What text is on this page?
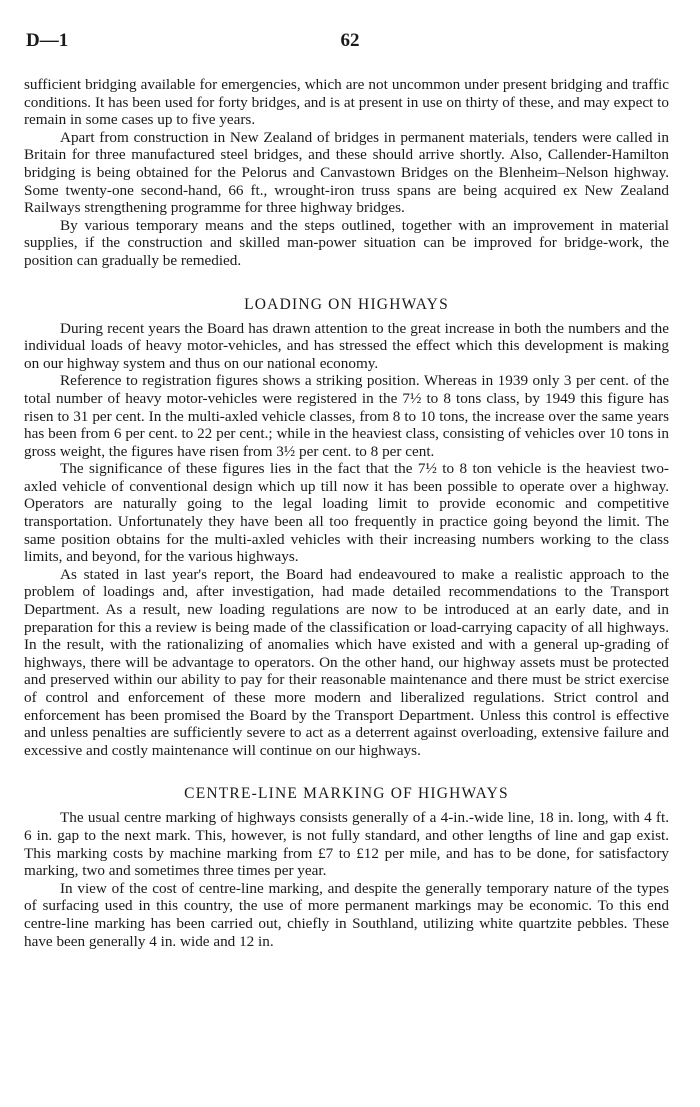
D—1	62

sufficient bridging available for emergencies, which are not uncommon under present bridging and traffic conditions. It has been used for forty bridges, and is at present in use on thirty of these, and may expect to remain in some cases up to five years.

Apart from construction in New Zealand of bridges in permanent materials, tenders were called in Britain for three manufactured steel bridges, and these should arrive shortly. Also, Callender-Hamilton bridging is being obtained for the Pelorus and Canvastown Bridges on the Blenheim–Nelson highway. Some twenty-one second-hand, 66 ft., wrought-iron truss spans are being acquired ex New Zealand Railways strengthening programme for three highway bridges.

By various temporary means and the steps outlined, together with an improvement in material supplies, if the construction and skilled man-power situation can be improved for bridge-work, the position can gradually be remedied.

LOADING ON HIGHWAYS

During recent years the Board has drawn attention to the great increase in both the numbers and the individual loads of heavy motor-vehicles, and has stressed the effect which this development is making on our highway system and thus on our national economy.

Reference to registration figures shows a striking position. Whereas in 1939 only 3 per cent. of the total number of heavy motor-vehicles were registered in the 7½ to 8 tons class, by 1949 this figure has risen to 31 per cent. In the multi-axled vehicle classes, from 8 to 10 tons, the increase over the same years has been from 6 per cent. to 22 per cent.; while in the heaviest class, consisting of vehicles over 10 tons in gross weight, the figures have risen from 3½ per cent. to 8 per cent.

The significance of these figures lies in the fact that the 7½ to 8 ton vehicle is the heaviest two-axled vehicle of conventional design which up till now it has been possible to operate over a highway. Operators are naturally going to the legal loading limit to provide economic and competitive transportation. Unfortunately they have been all too frequently in practice going beyond the limit. The same position obtains for the multi-axled vehicles with their increasing numbers working to the class limits, and beyond, for the various highways.

As stated in last year's report, the Board had endeavoured to make a realistic approach to the problem of loadings and, after investigation, had made detailed recommendations to the Transport Department. As a result, new loading regulations are now to be introduced at an early date, and in preparation for this a review is being made of the classification or load-carrying capacity of all highways. In the result, with the rationalizing of anomalies which have existed and with a general up-grading of highways, there will be advantage to operators. On the other hand, our highway assets must be protected and preserved within our ability to pay for their reasonable maintenance and there must be strict exercise of control and enforcement of these more modern and liberalized regulations. Strict control and enforcement has been promised the Board by the Transport Department. Unless this control is effective and unless penalties are sufficiently severe to act as a deterrent against overloading, extensive failure and excessive and costly maintenance will continue on our highways.

CENTRE-LINE MARKING OF HIGHWAYS

The usual centre marking of highways consists generally of a 4-in.-wide line, 18 in. long, with 4 ft. 6 in. gap to the next mark. This, however, is not fully standard, and other lengths of line and gap exist. This marking costs by machine marking from £7 to £12 per mile, and has to be done, for satisfactory marking, two and sometimes three times per year.

In view of the cost of centre-line marking, and despite the generally temporary nature of the types of surfacing used in this country, the use of more permanent markings may be economic. To this end centre-line marking has been carried out, chiefly in Southland, utilizing white quartzite pebbles. These have been generally 4 in. wide and 12 in.
